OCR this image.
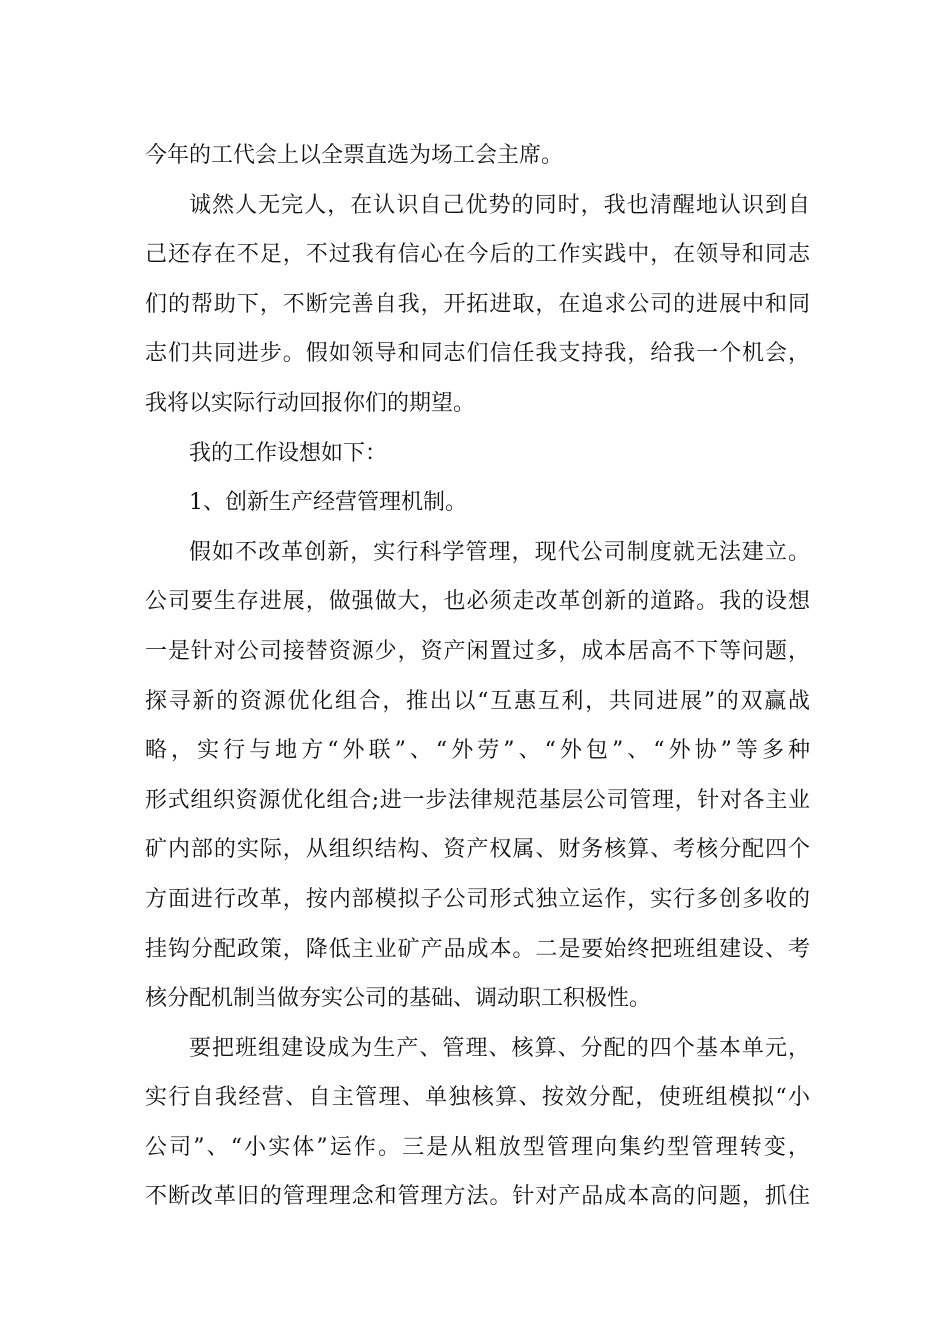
今年的工代会上以全票直选为场工会主席。
诚然人无完人，在认识自己优势的同时，我也清醒地认识到自
己还存在不足，不过我有信心在今后的工作实践中，在领导和同志
们的帮助下，不断完善自我，开拓进取，在追求公司的进展中和同
志们共同进步。假如领导和同志们信任我支持我，给我一个机会，
我将以实际行动回报你们的期望。
我的工作设想如下：
1、创新生产经营管理机制。
假如不改革创新，实行科学管理，现代公司制度就无法建立。
公司要生存进展，做强做大，也必须走改革创新的道路。我的设想
一是针对公司接替资源少，资产闲置过多，成本居高不下等问题，
探寻新的资源优化组合，推出以“互惠互利，共同进展”的双赢战
略，实行与地方“外联”、“外劳”、“外包”、“外协”等多种
形式组织资源优化组合;进一步法律规范基层公司管理，针对各主业
矿内部的实际，从组织结构、资产权属、财务核算、考核分配四个
方面进行改革，按内部模拟子公司形式独立运作，实行多创多收的
挂钩分配政策，降低主业矿产品成本。二是要始终把班组建设、考
核分配机制当做夯实公司的基础、调动职工积极性。
要把班组建设成为生产、管理、核算、分配的四个基本单元，
实行自我经营、自主管理、单独核算、按效分配，使班组模拟“小
公司”、“小实体”运作。三是从粗放型管理向集约型管理转变，
不断改革旧的管理理念和管理方法。针对产品成本高的问题，抓住
